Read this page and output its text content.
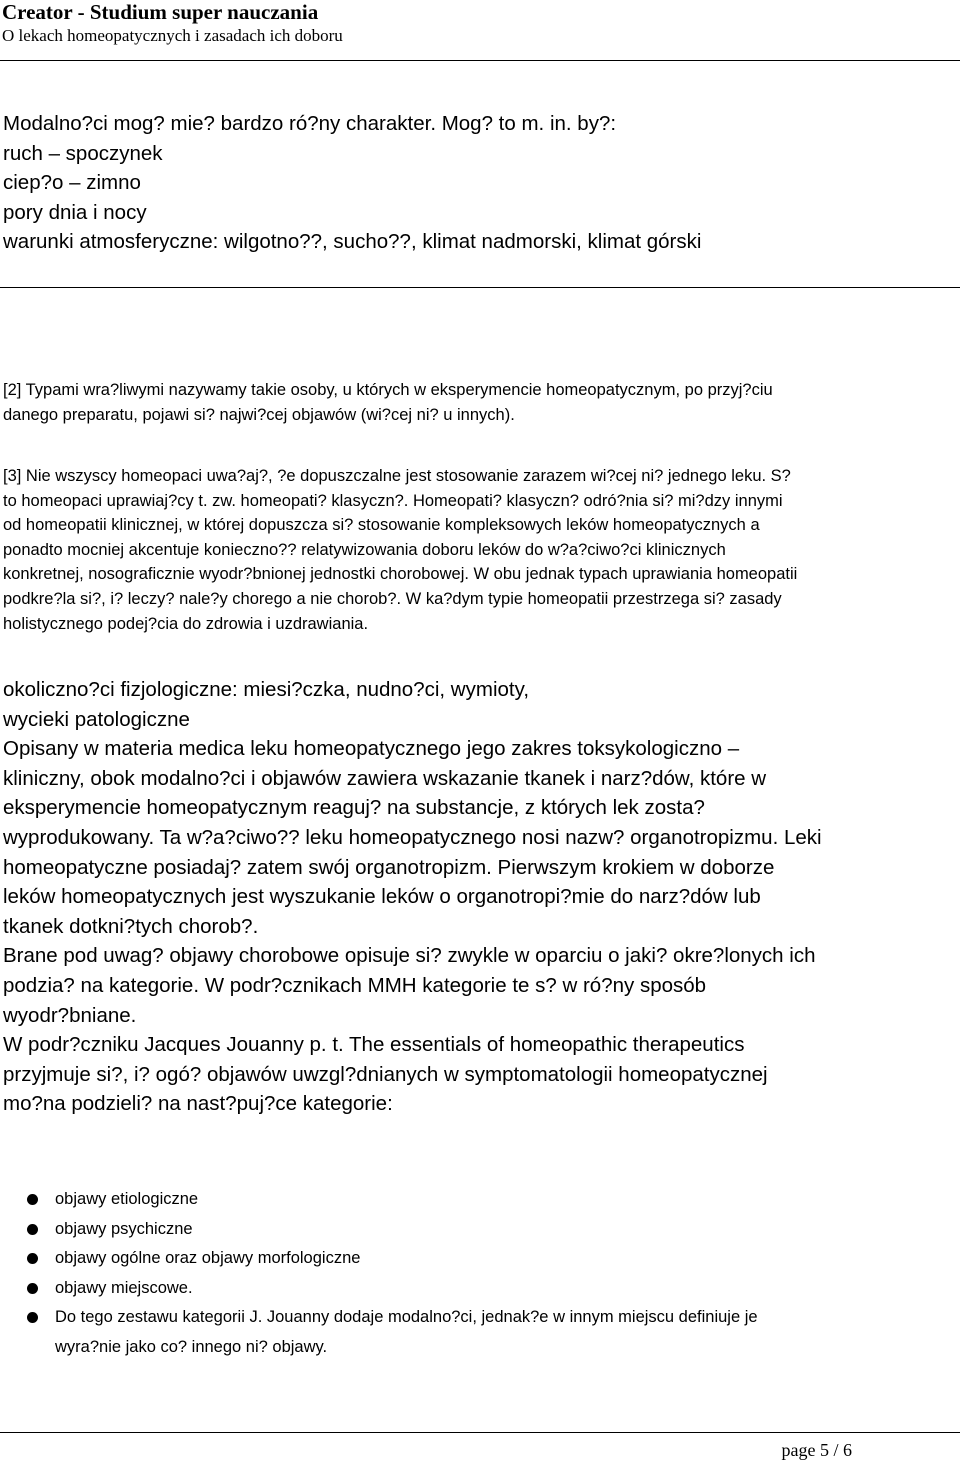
Creator - Studium super nauczania
O lekach homeopatycznych i zasadach ich doboru
Modalno?ci mog? mie? bardzo ró?ny charakter. Mog? to m. in. by?:
ruch – spoczynek
ciep?o – zimno
pory dnia i nocy
warunki atmosferyczne: wilgotno??, sucho??, klimat nadmorski, klimat górski
[2] Typami wra?liwymi nazywamy takie osoby, u których w eksperymencie homeopatycznym, po przyj?ciu
danego preparatu, pojawi si? najwi?cej objawów (wi?cej ni? u innych).
[3] Nie wszyscy homeopaci uwa?aj?, ?e dopuszczalne jest stosowanie zarazem wi?cej ni? jednego leku. S?
to homeopaci uprawiaj?cy t. zw. homeopati? klasyczn?. Homeopati? klasyczn? odró?nia si? mi?dzy innymi
od homeopatii klinicznej, w której dopuszcza si? stosowanie kompleksowych leków homeopatycznych a
ponadto mocniej akcentuje konieczno?? relatywizowania doboru leków do w?a?ciwo?ci klinicznych
konkretnej, nosograficznie wyodr?bnionej jednostki chorobowej. W obu jednak typach uprawiania homeopatii
podkre?la si?, i? leczy? nale?y chorego a nie chorob?. W ka?dym typie homeopatii przestrzega si? zasady
holistycznego podej?cia do zdrowia i uzdrawiania.
okoliczno?ci fizjologiczne: miesi?czka, nudno?ci, wymioty,
wycieki patologiczne
Opisany w materia medica leku homeopatycznego jego zakres toksykologiczno –
kliniczny, obok modalno?ci i objawów zawiera wskazanie tkanek i narz?dów, które w
eksperymencie homeopatycznym reaguj? na substancje, z których lek zosta?
wyprodukowany. Ta w?a?ciwo?? leku homeopatycznego nosi nazw? organotropizmu. Leki
homeopatyczne posiadaj? zatem swój organotropizm. Pierwszym krokiem w doborze
leków homeopatycznych jest wyszukanie leków o organotropi?mie do narz?dów lub
tkanek dotkni?tych chorob?.
Brane pod uwag? objawy chorobowe opisuje si? zwykle w oparciu o jaki? okre?lonych ich
podzia? na kategorie. W podr?cznikach MMH kategorie te s? w ró?ny sposób
wyodr?bniane.
W podr?czniku Jacques Jouanny p. t. The essentials of homeopathic therapeutics
przyjmuje si?, i? ogó? objawów uwzgl?dnianych w symptomatologii homeopatycznej
mo?na podzieli? na nast?puj?ce kategorie:
objawy etiologiczne
objawy psychiczne
objawy ogólne oraz objawy morfologiczne
objawy miejscowe.
Do tego zestawu kategorii J. Jouanny dodaje modalno?ci, jednak?e w innym miejscu definiuje je
wyra?nie jako co? innego ni? objawy.
page 5 / 6
